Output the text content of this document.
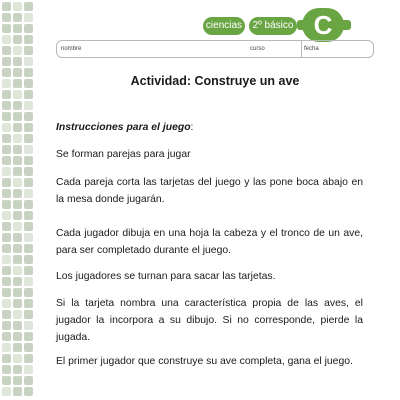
ciencias	2º básico C
nombre	curso	fecha
Actividad: Construye un ave
Instrucciones para el juego:
Se forman parejas para jugar
Cada pareja corta las tarjetas del juego y las pone boca abajo en la mesa donde jugarán.
Cada jugador dibuja en una hoja la cabeza y el tronco de un ave, para ser completado durante el juego.
Los jugadores se turnan para sacar las tarjetas.
Si la tarjeta nombra una característica propia de las aves, el jugador la incorpora a su dibujo. Si no corresponde, pierde la jugada.
El primer jugador que construye su ave completa, gana el juego.
